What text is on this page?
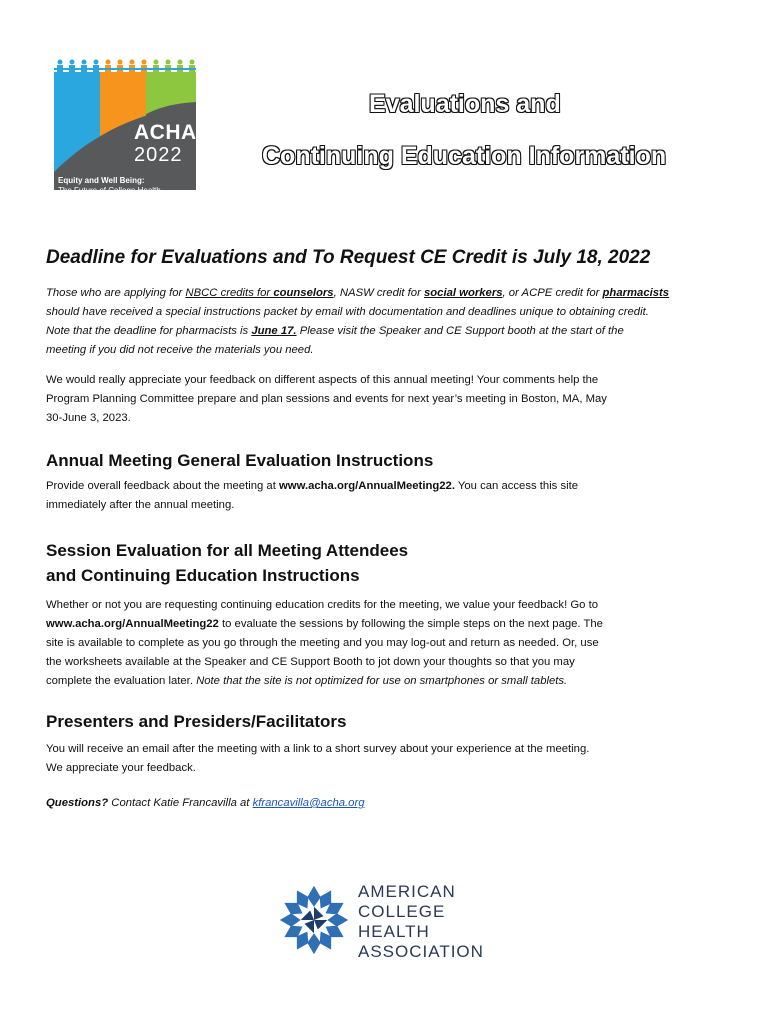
ACHA
2022
Equity and Well Being:
The Future of College Health
Evaluations and
Continuing Education Information
Deadline for Evaluations and To Request CE Credit is July 18, 2022
Those who are applying for NBCC credits for counselors, NASW credit for social workers, or ACPE credit for pharmacists
should have received a special instructions packet by email with documentation and deadlines unique to obtaining credit.
Note that the deadline for pharmacists is June 17. Please visit the Speaker and CE Support booth at the start of the
meeting if you did not receive the materials you need.
We would really appreciate your feedback on different aspects of this annual meeting! Your comments help the
Program Planning Committee prepare and plan sessions and events for next year’s meeting in Boston, MA, May
30-June 3, 2023.
Annual Meeting General Evaluation Instructions
Provide overall feedback about the meeting at www.acha.org/AnnualMeeting22. You can access this site
immediately after the annual meeting.
Session Evaluation for all Meeting Attendees
and Continuing Education Instructions
Whether or not you are requesting continuing education credits for the meeting, we value your feedback! Go to
www.acha.org/AnnualMeeting22 to evaluate the sessions by following the simple steps on the next page. The
site is available to complete as you go through the meeting and you may log-out and return as needed. Or, use
the worksheets available at the Speaker and CE Support Booth to jot down your thoughts so that you may
complete the evaluation later. Note that the site is not optimized for use on smartphones or small tablets.
Presenters and Presiders/Facilitators
You will receive an email after the meeting with a link to a short survey about your experience at the meeting.
We appreciate your feedback.
Questions? Contact Katie Francavilla at kfrancavilla@acha.org
AMERICAN
COLLEGE
HEALTH
ASSOCIATION
